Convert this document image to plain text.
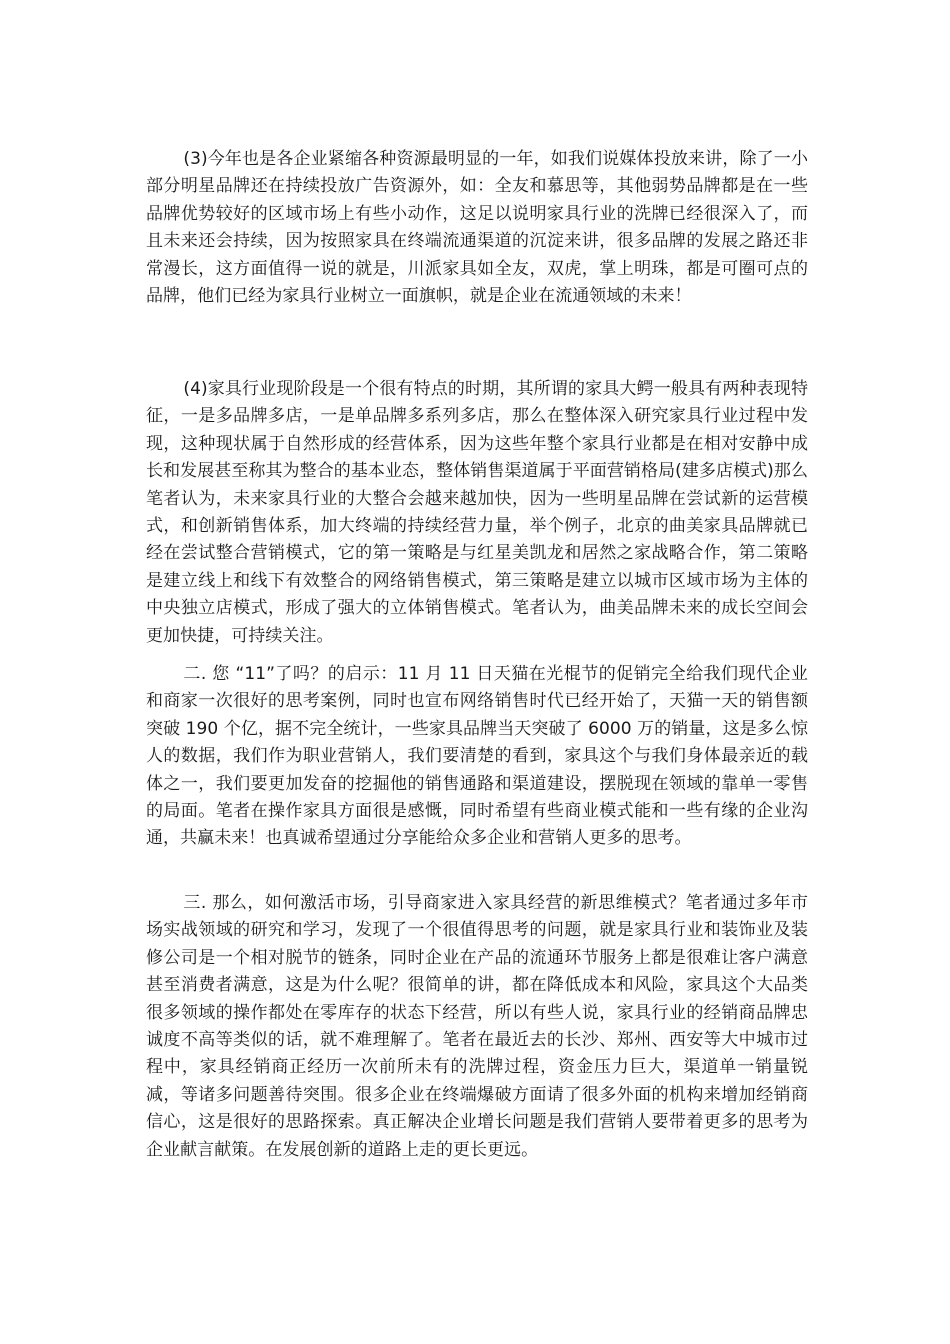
(3)今年也是各企业紧缩各种资源最明显的一年，如我们说媒体投放来讲，除了一小部分明星品牌还在持续投放广告资源外，如：全友和慕思等，其他弱势品牌都是在一些品牌优势较好的区域市场上有些小动作，这足以说明家具行业的洗牌已经很深入了，而且未来还会持续，因为按照家具在终端流通渠道的沉淀来讲，很多品牌的发展之路还非常漫长，这方面值得一说的就是，川派家具如全友，双虎，掌上明珠，都是可圈可点的品牌，他们已经为家具行业树立一面旗帜，就是企业在流通领域的未来！

(4)家具行业现阶段是一个很有特点的时期，其所谓的家具大鳄一般具有两种表现特征，一是多品牌多店，一是单品牌多系列多店，那么在整体深入研究家具行业过程中发现，这种现状属于自然形成的经营体系，因为这些年整个家具行业都是在相对安静中成长和发展甚至称其为整合的基本业态，整体销售渠道属于平面营销格局(建多店模式)那么笔者认为，未来家具行业的大整合会越来越加快，因为一些明星品牌在尝试新的运营模式，和创新销售体系，加大终端的持续经营力量，举个例子，北京的曲美家具品牌就已经在尝试整合营销模式，它的第一策略是与红星美凯龙和居然之家战略合作，第二策略是建立线上和线下有效整合的网络销售模式，第三策略是建立以城市区域市场为主体的中央独立店模式，形成了强大的立体销售模式。笔者认为，曲美品牌未来的成长空间会更加快捷，可持续关注。

二. 您 “11”了吗？的启示：11 月 11 日天猫在光棍节的促销完全给我们现代企业和商家一次很好的思考案例，同时也宣布网络销售时代已经开始了，天猫一天的销售额突破 190 个亿，据不完全统计，一些家具品牌当天突破了 6000 万的销量，这是多么惊人的数据，我们作为职业营销人，我们要清楚的看到，家具这个与我们身体最亲近的载体之一，我们要更加发奋的挖掘他的销售通路和渠道建设，摆脱现在领域的靠单一零售的局面。笔者在操作家具方面很是感慨，同时希望有些商业模式能和一些有缘的企业沟通，共赢未来！也真诚希望通过分享能给众多企业和营销人更多的思考。

三. 那么，如何激活市场，引导商家进入家具经营的新思维模式？笔者通过多年市场实战领域的研究和学习，发现了一个很值得思考的问题，就是家具行业和装饰业及装修公司是一个相对脱节的链条，同时企业在产品的流通环节服务上都是很难让客户满意甚至消费者满意，这是为什么呢？很简单的讲，都在降低成本和风险，家具这个大品类很多领域的操作都处在零库存的状态下经营，所以有些人说，家具行业的经销商品牌忠诚度不高等类似的话，就不难理解了。笔者在最近去的长沙、郑州、西安等大中城市过程中，家具经销商正经历一次前所未有的洗牌过程，资金压力巨大，渠道单一销量锐减，等诸多问题善待突围。很多企业在终端爆破方面请了很多外面的机构来增加经销商信心，这是很好的思路探索。真正解决企业增长问题是我们营销人要带着更多的思考为企业献言献策。在发展创新的道路上走的更长更远。
